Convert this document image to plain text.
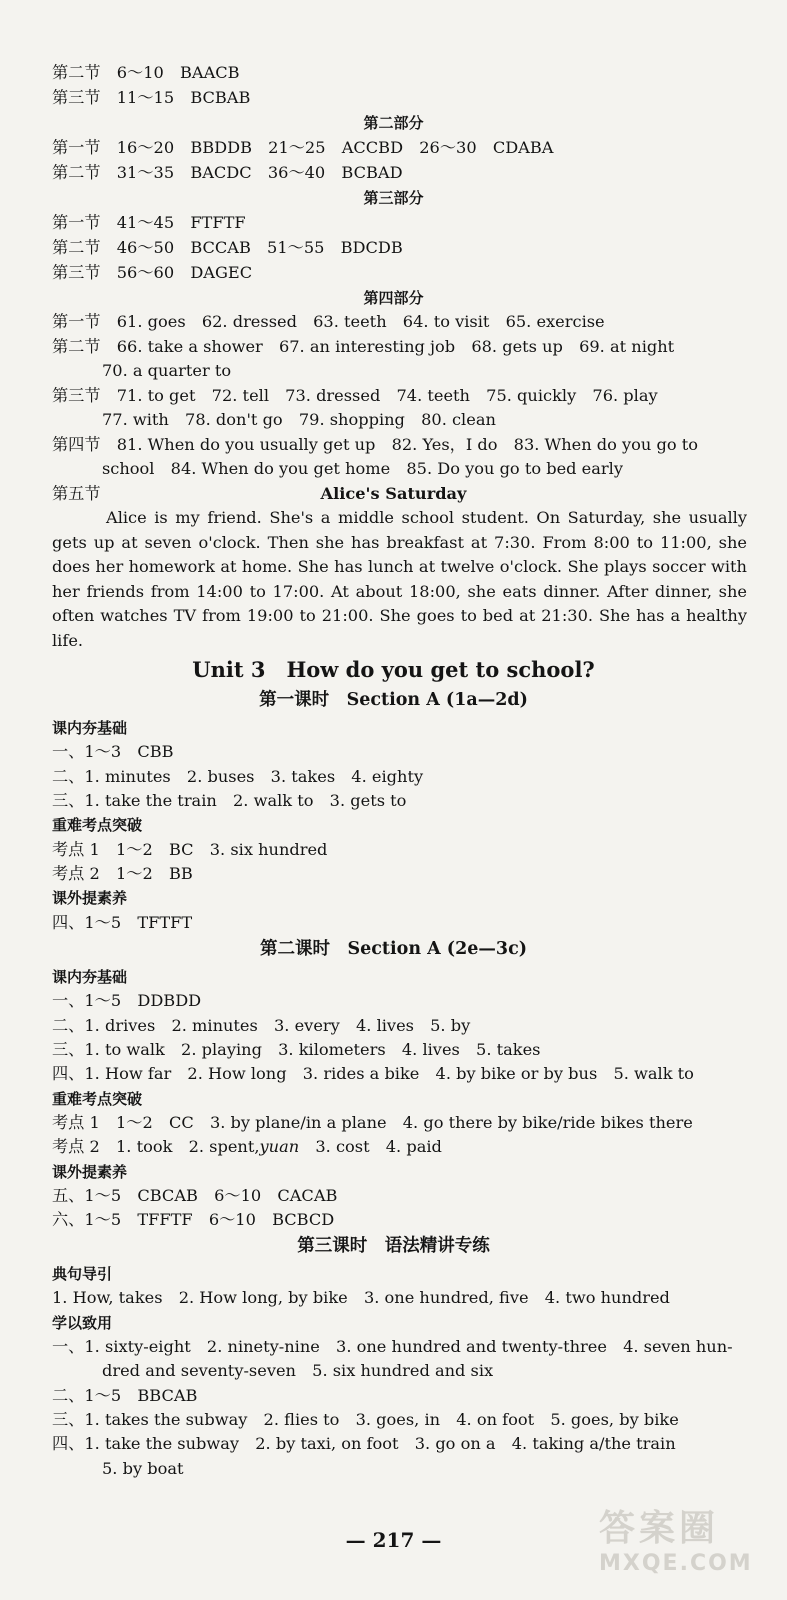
第二节　6～10　BAACB
第三节　11～15　BCBAB
第二部分
第一节　16～20　BBDDB　21～25　ACCBD　26～30　CDABA
第二节　31～35　BACDC　36～40　BCBAD
第三部分
第一节　41～45　FTFTF
第二节　46～50　BCCAB　51～55　BDCDB
第三节　56～60　DAGEC
第四部分
第一节　61. goes　62. dressed　63. teeth　64. to visit　65. exercise
第二节　66. take a shower　67. an interesting job　68. gets up　69. at night
70. a quarter to
第三节　71. to get　72. tell　73. dressed　74. teeth　75. quickly　76. play
77. with　78. don't go　79. shopping　80. clean
第四节　81. When do you usually get up　82. Yes，I do　83. When do you go to
school　84. When do you get home　85. Do you go to bed early
第五节	Alice's Saturday
Alice is my friend. She's a middle school student. On Saturday, she usually gets up at seven o'clock. Then she has breakfast at 7:30. From 8:00 to 11:00, she does her homework at home. She has lunch at twelve o'clock. She plays soccer with her friends from 14:00 to 17:00. At about 18:00, she eats dinner. After dinner, she often watches TV from 19:00 to 21:00. She goes to bed at 21:30. She has a healthy life.
Unit 3　How do you get to school?
第一课时　Section A (1a—2d)
课内夯基础
一、1～3　CBB
二、1. minutes　2. buses　3. takes　4. eighty
三、1. take the train　2. walk to　3. gets to
重难考点突破
考点 1　1～2　BC　3. six hundred
考点 2　1～2　BB
课外提素养
四、1～5　TFTFT
第二课时　Section A (2e—3c)
课内夯基础
一、1～5　DDBDD
二、1. drives　2. minutes　3. every　4. lives　5. by
三、1. to walk　2. playing　3. kilometers　4. lives　5. takes
四、1. How far　2. How long　3. rides a bike　4. by bike or by bus　5. walk to
重难考点突破
考点 1　1～2　CC　3. by plane/in a plane　4. go there by bike/ride bikes there
考点 2　1. took　2. spent,yuan　3. cost　4. paid
课外提素养
五、1～5　CBCAB　6～10　CACAB
六、1～5　TFFTF　6～10　BCBCD
第三课时　语法精讲专练
典句导引
1. How, takes　2. How long, by bike　3. one hundred, five　4. two hundred
学以致用
一、1. sixty-eight　2. ninety-nine　3. one hundred and twenty-three　4. seven hun-
dred and seventy-seven　5. six hundred and six
二、1～5　BBCAB
三、1. takes the subway　2. flies to　3. goes, in　4. on foot　5. goes, by bike
四、1. take the subway　2. by taxi, on foot　3. go on a　4. taking a/the train
5. by boat
— 217 —	答案圈
MXQE.COM
